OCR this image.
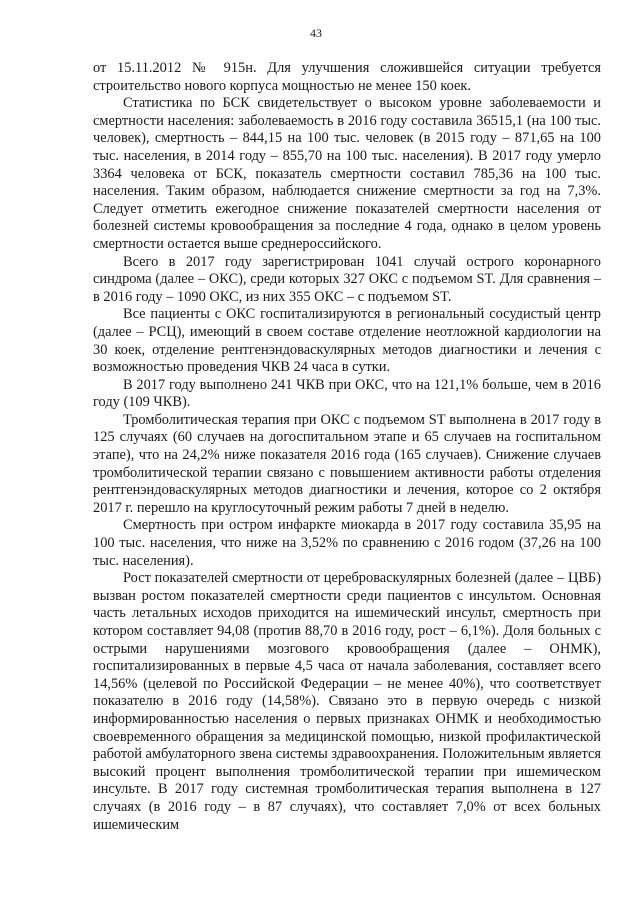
43

от 15.11.2012 № 915н. Для улучшения сложившейся ситуации требуется строительство нового корпуса мощностью не менее 150 коек.

Статистика по БСК свидетельствует о высоком уровне заболеваемости и смертности населения: заболеваемость в 2016 году составила 36515,1 (на 100 тыс. человек), смертность – 844,15 на 100 тыс. человек (в 2015 году – 871,65 на 100 тыс. населения, в 2014 году – 855,70 на 100 тыс. населения). В 2017 году умерло 3364 человека от БСК, показатель смертности составил 785,36 на 100 тыс. населения. Таким образом, наблюдается снижение смертности за год на 7,3%. Следует отметить ежегодное снижение показателей смертности населения от болезней системы кровообращения за последние 4 года, однако в целом уровень смертности остается выше среднероссийского.

Всего в 2017 году зарегистрирован 1041 случай острого коронарного синдрома (далее – ОКС), среди которых 327 ОКС с подъемом ST. Для сравнения – в 2016 году – 1090 ОКС, из них 355 ОКС – с подъемом ST.

Все пациенты с ОКС госпитализируются в региональный сосудистый центр (далее – РСЦ), имеющий в своем составе отделение неотложной кардиологии на 30 коек, отделение рентгенэндоваскулярных методов диагностики и лечения с возможностью проведения ЧКВ 24 часа в сутки.

В 2017 году выполнено 241 ЧКВ при ОКС, что на 121,1% больше, чем в 2016 году (109 ЧКВ).

Тромболитическая терапия при ОКС с подъемом ST выполнена в 2017 году в 125 случаях (60 случаев на догоспитальном этапе и 65 случаев на госпитальном этапе), что на 24,2% ниже показателя 2016 года (165 случаев). Снижение случаев тромболитической терапии связано с повышением активности работы отделения рентгенэндоваскулярных методов диагностики и лечения, которое со 2 октября 2017 г. перешло на круглосуточный режим работы 7 дней в неделю.

Смертность при остром инфаркте миокарда в 2017 году составила 35,95 на 100 тыс. населения, что ниже на 3,52% по сравнению с 2016 годом (37,26 на 100 тыс. населения).

Рост показателей смертности от цереброваскулярных болезней (далее – ЦВБ) вызван ростом показателей смертности среди пациентов с инсультом. Основная часть летальных исходов приходится на ишемический инсульт, смертность при котором составляет 94,08 (против 88,70 в 2016 году, рост – 6,1%). Доля больных с острыми нарушениями мозгового кровообращения (далее – ОНМК), госпитализированных в первые 4,5 часа от начала заболевания, составляет всего 14,56% (целевой по Российской Федерации – не менее 40%), что соответствует показателю в 2016 году (14,58%). Связано это в первую очередь с низкой информированностью населения о первых признаках ОНМК и необходимостью своевременного обращения за медицинской помощью, низкой профилактической работой амбулаторного звена системы здравоохранения. Положительным является высокий процент выполнения тромболитической терапии при ишемическом инсульте. В 2017 году системная тромболитическая терапия выполнена в 127 случаях (в 2016 году – в 87 случаях), что составляет 7,0% от всех больных ишемическим
